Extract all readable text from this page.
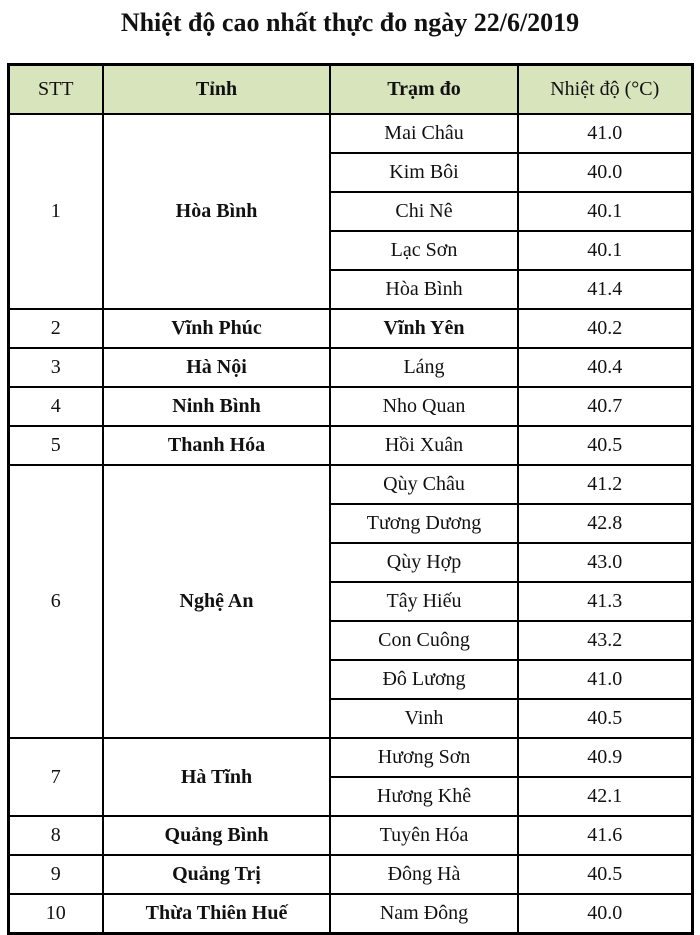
Nhiệt độ cao nhất thực đo ngày 22/6/2019
STT	Tỉnh	Trạm đo	Nhiệt độ (°C)
1	Hòa Bình	Mai Châu	41.0
		Kim Bôi	40.0
		Chi Nê	40.1
		Lạc Sơn	40.1
		Hòa Bình	41.4
2	Vĩnh Phúc	Vĩnh Yên	40.2
3	Hà Nội	Láng	40.4
4	Ninh Bình	Nho Quan	40.7
5	Thanh Hóa	Hồi Xuân	40.5
6	Nghệ An	Qùy Châu	41.2
		Tương Dương	42.8
		Qùy Hợp	43.0
		Tây Hiếu	41.3
		Con Cuông	43.2
		Đô Lương	41.0
		Vinh	40.5
7	Hà Tĩnh	Hương Sơn	40.9
		Hương Khê	42.1
8	Quảng Bình	Tuyên Hóa	41.6
9	Quảng Trị	Đông Hà	40.5
10	Thừa Thiên Huế	Nam Đông	40.0
